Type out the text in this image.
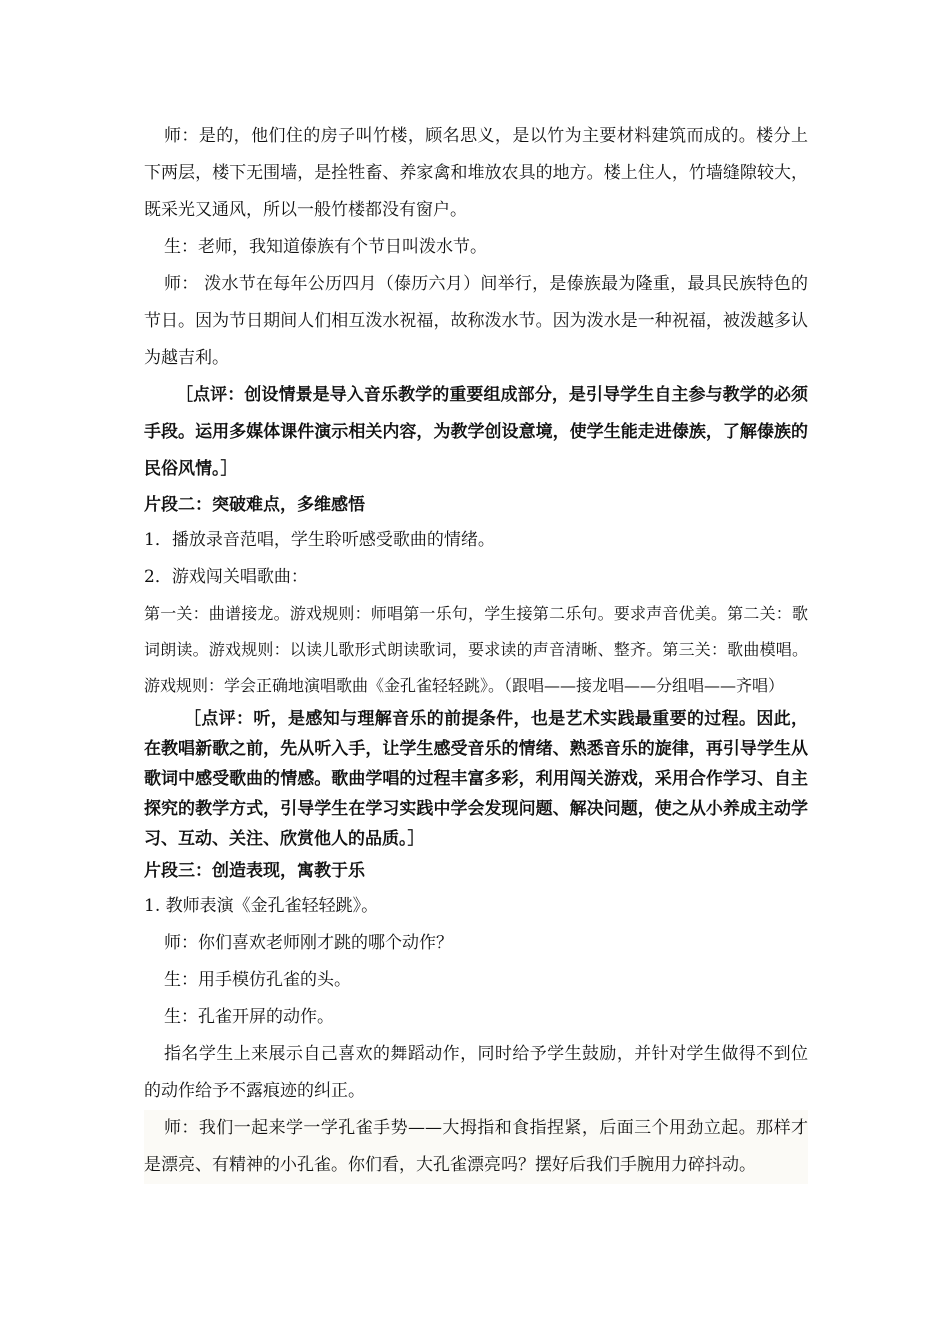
师：是的，他们住的房子叫竹楼，顾名思义，是以竹为主要材料建筑而成的。楼分上下两层，楼下无围墙，是拴牲畜、养家禽和堆放农具的地方。楼上住人，竹墙缝隙较大，既采光又通风，所以一般竹楼都没有窗户。

生：老师，我知道傣族有个节日叫泼水节。

师： 泼水节在每年公历四月（傣历六月）间举行，是傣族最为隆重，最具民族特色的节日。因为节日期间人们相互泼水祝福，故称泼水节。因为泼水是一种祝福，被泼越多认为越吉利。

［点评：创设情景是导入音乐教学的重要组成部分，是引导学生自主参与教学的必须手段。运用多媒体课件演示相关内容，为教学创设意境，使学生能走进傣族，了解傣族的民俗风情。］

片段二：突破难点，多维感悟

1．播放录音范唱，学生聆听感受歌曲的情绪。

2．游戏闯关唱歌曲：

第一关：曲谱接龙。游戏规则：师唱第一乐句，学生接第二乐句。要求声音优美。第二关：歌词朗读。游戏规则：以读儿歌形式朗读歌词，要求读的声音清晰、整齐。第三关：歌曲模唱。游戏规则：学会正确地演唱歌曲《金孔雀轻轻跳》。（跟唱——接龙唱——分组唱——齐唱）

［点评：听，是感知与理解音乐的前提条件，也是艺术实践最重要的过程。因此，在教唱新歌之前，先从听入手，让学生感受音乐的情绪、熟悉音乐的旋律，再引导学生从歌词中感受歌曲的情感。歌曲学唱的过程丰富多彩，利用闯关游戏，采用合作学习、自主探究的教学方式，引导学生在学习实践中学会发现问题、解决问题，使之从小养成主动学习、互动、关注、欣赏他人的品质。］

片段三：创造表现，寓教于乐

1. 教师表演《金孔雀轻轻跳》。

师：你们喜欢老师刚才跳的哪个动作？

生：用手模仿孔雀的头。

生：孔雀开屏的动作。

指名学生上来展示自己喜欢的舞蹈动作，同时给予学生鼓励，并针对学生做得不到位的动作给予不露痕迹的纠正。

师：我们一起来学一学孔雀手势——大拇指和食指捏紧，后面三个用劲立起。那样才是漂亮、有精神的小孔雀。你们看，大孔雀漂亮吗？摆好后我们手腕用力碎抖动。
